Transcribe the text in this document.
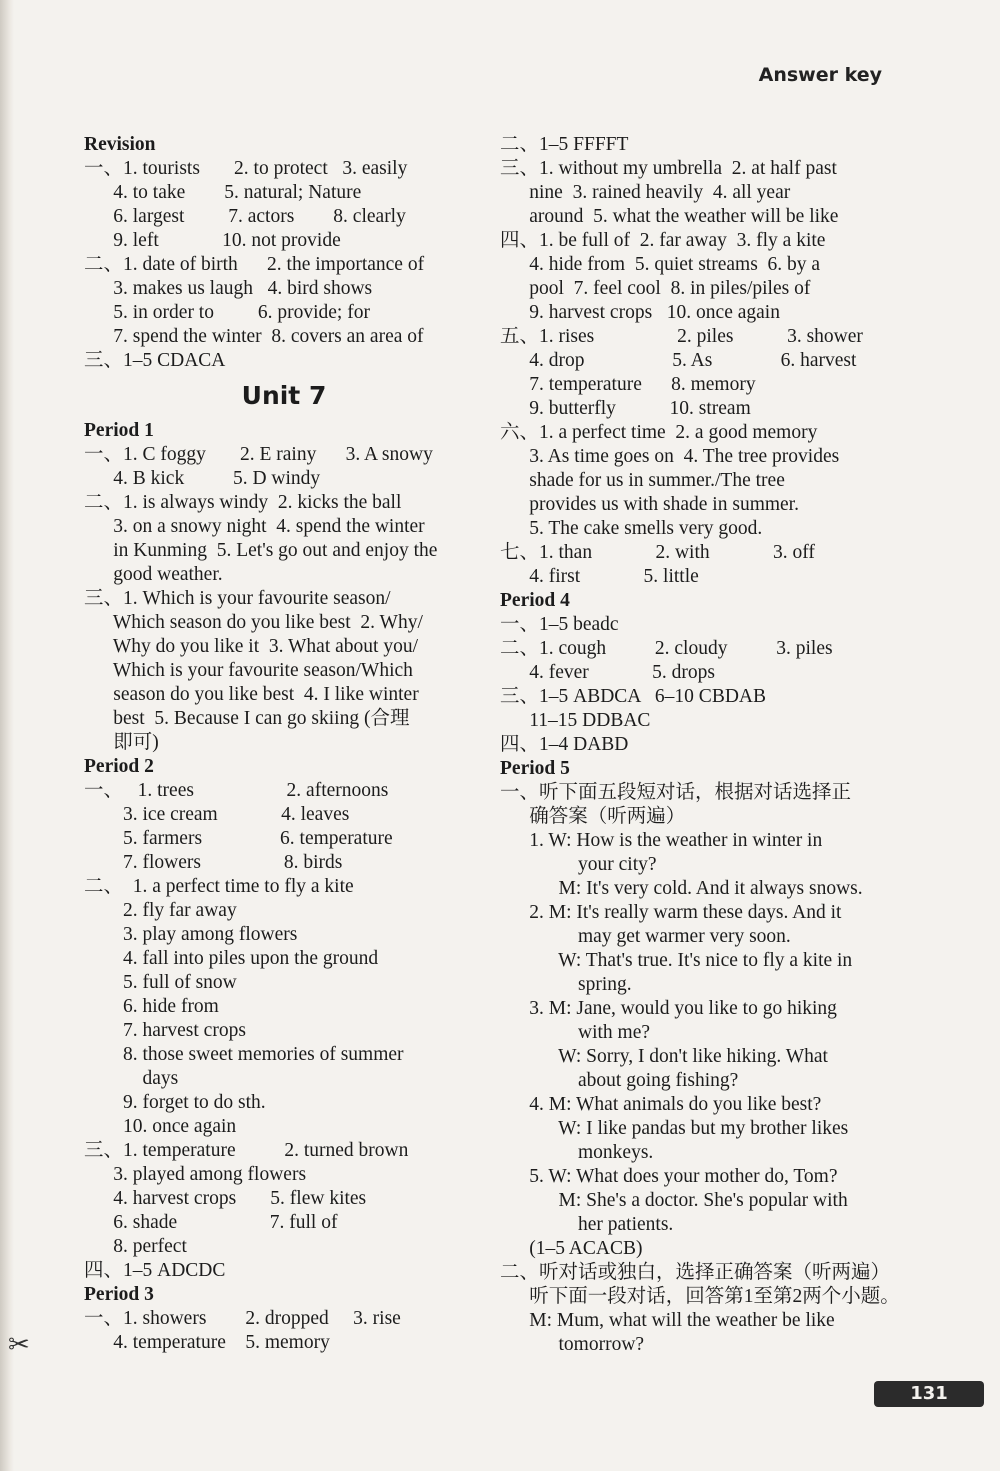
Answer key
Revision
一、1. tourists       2. to protect   3. easily
4. to take        5. natural; Nature
6. largest         7. actors        8. clearly
9. left             10. not provide
二、1. date of birth      2. the importance of
3. makes us laugh   4. bird shows
5. in order to         6. provide; for
7. spend the winter  8. covers an area of
三、1–5 CDACA
Unit 7
Period 1
一、1. C foggy       2. E rainy      3. A snowy
4. B kick          5. D windy
二、1. is always windy  2. kicks the ball
3. on a snowy night  4. spend the winter
in Kunming  5. Let's go out and enjoy the
good weather.
三、1. Which is your favourite season/
Which season do you like best  2. Why/
Why do you like it  3. What about you/
Which is your favourite season/Which
season do you like best  4. I like winter
best  5. Because I can go skiing (合理
即可)
Period 2
一、   1. trees                   2. afternoons
3. ice cream             4. leaves
5. farmers                6. temperature
7. flowers                 8. birds
二、  1. a perfect time to fly a kite
2. fly far away
3. play among flowers
4. fall into piles upon the ground
5. full of snow
6. hide from
7. harvest crops
8. those sweet memories of summer
days
9. forget to do sth.
10. once again
三、1. temperature          2. turned brown
3. played among flowers
4. harvest crops       5. flew kites
6. shade                   7. full of
8. perfect
四、1–5 ADCDC
Period 3
一、1. showers        2. dropped     3. rise
4. temperature    5. memory
二、1–5 FFFFT
三、1. without my umbrella  2. at half past
nine  3. rained heavily  4. all year
around  5. what the weather will be like
四、1. be full of  2. far away  3. fly a kite
4. hide from  5. quiet streams  6. by a
pool  7. feel cool  8. in piles/piles of
9. harvest crops   10. once again
五、1. rises                 2. piles           3. shower
4. drop                  5. As              6. harvest
7. temperature      8. memory
9. butterfly           10. stream
六、1. a perfect time  2. a good memory
3. As time goes on  4. The tree provides
shade for us in summer./The tree
provides us with shade in summer.
5. The cake smells very good.
七、1. than             2. with             3. off
4. first             5. little
Period 4
一、1–5 beadc
二、1. cough          2. cloudy          3. piles
4. fever             5. drops
三、1–5 ABDCA   6–10 CBDAB
11–15 DDBAC
四、1–4 DABD
Period 5
一、听下面五段短对话，根据对话选择正
确答案（听两遍）
1. W: How is the weather in winter in
your city?
M: It's very cold. And it always snows.
2. M: It's really warm these days. And it
may get warmer very soon.
W: That's true. It's nice to fly a kite in
spring.
3. M: Jane, would you like to go hiking
with me?
W: Sorry, I don't like hiking. What
about going fishing?
4. M: What animals do you like best?
W: I like pandas but my brother likes
monkeys.
5. W: What does your mother do, Tom?
M: She's a doctor. She's popular with
her patients.
(1–5 ACACB)
二、听对话或独白，选择正确答案（听两遍）
听下面一段对话，回答第1至第2两个小题。
M: Mum, what will the weather be like
tomorrow?
✂
131
